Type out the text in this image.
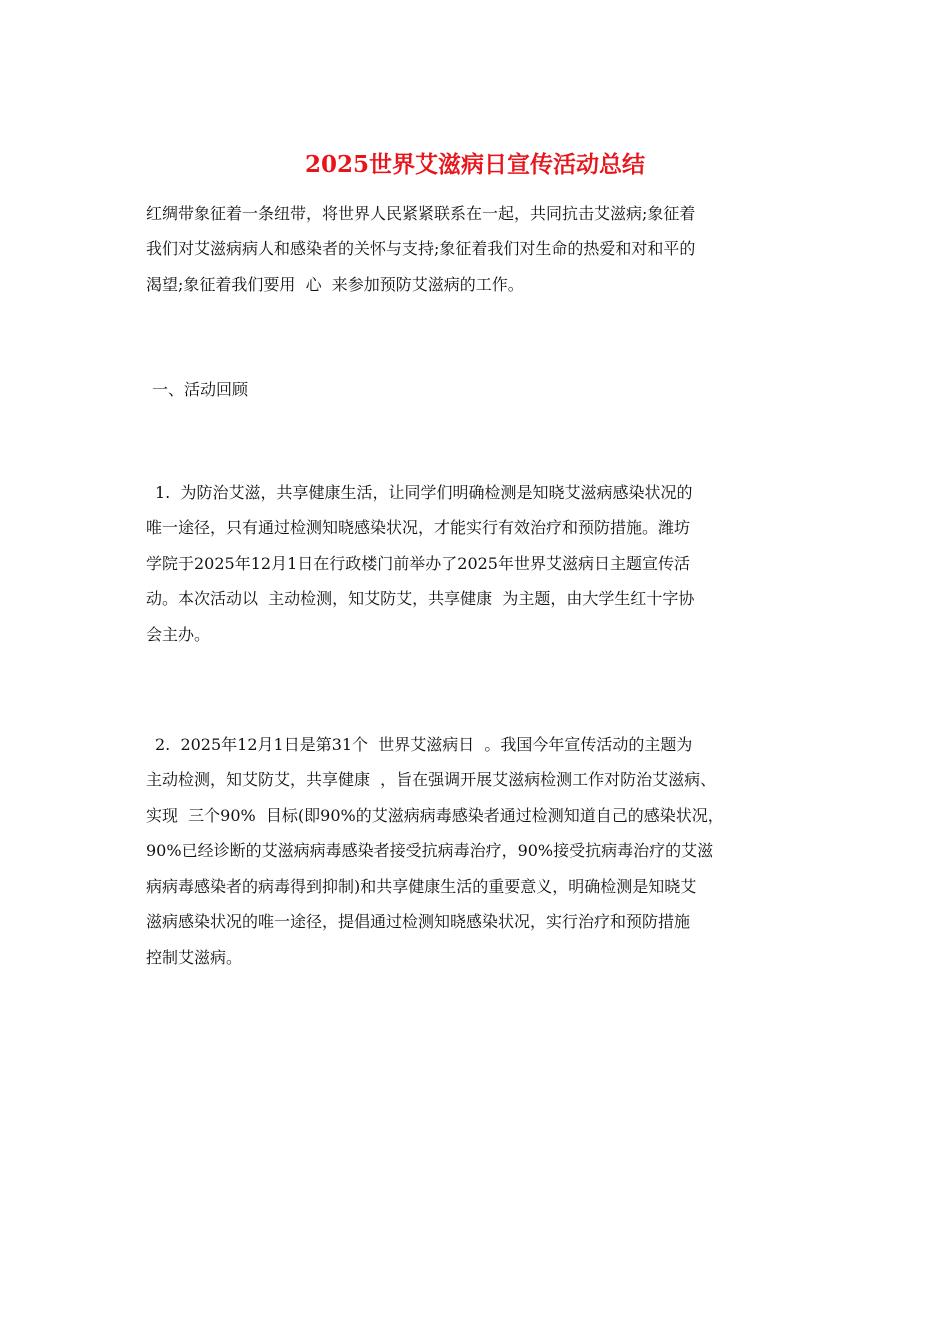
2025世界艾滋病日宣传活动总结
红绸带象征着一条纽带，将世界人民紧紧联系在一起，共同抗击艾滋病;象征着
我们对艾滋病病人和感染者的关怀与支持;象征着我们对生命的热爱和对和平的
渴望;象征着我们要用  心  来参加预防艾滋病的工作。
一、活动回顾
1.  为防治艾滋，共享健康生活，让同学们明确检测是知晓艾滋病感染状况的
唯一途径，只有通过检测知晓感染状况，才能实行有效治疗和预防措施。潍坊
学院于2025年12月1日在行政楼门前举办了2025年世界艾滋病日主题宣传活
动。本次活动以  主动检测，知艾防艾，共享健康  为主题，由大学生红十字协
会主办。
2.  2025年12月1日是第31个  世界艾滋病日  。我国今年宣传活动的主题为
主动检测，知艾防艾，共享健康  ，旨在强调开展艾滋病检测工作对防治艾滋病、
实现  三个90%  目标(即90%的艾滋病病毒感染者通过检测知道自己的感染状况，
90%已经诊断的艾滋病病毒感染者接受抗病毒治疗，90%接受抗病毒治疗的艾滋
病病毒感染者的病毒得到抑制)和共享健康生活的重要意义，明确检测是知晓艾
滋病感染状况的唯一途径，提倡通过检测知晓感染状况，实行治疗和预防措施
控制艾滋病。
